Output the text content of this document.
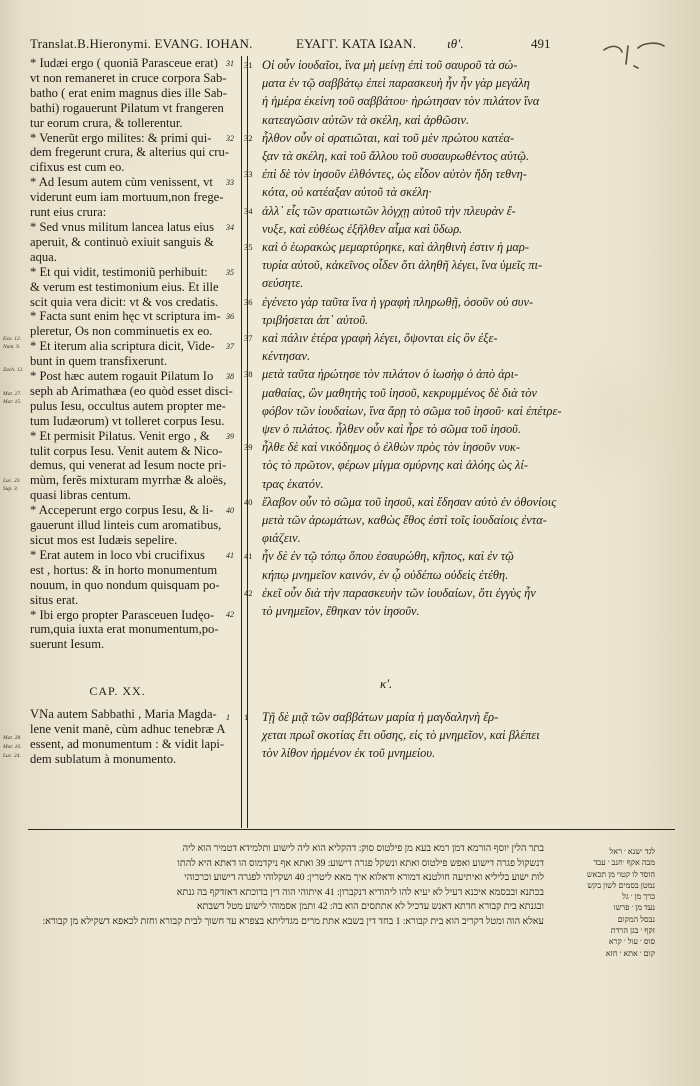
Translat.B.Hieronymi. EVANG. IOHAN.	ΕΥΑΓΓ. ΚΑΤΑ ΙΩΑΝ. ιθ'.	491
* Iudæi ergo ( quoniã Parasceue erat)
vt non remaneret in cruce corpora Sab-
batho ( erat enim magnus dies ille Sab-
bathi) rogauerunt Pilatum vt frangeren
tur eorum crura, & tollerentur.
* Venerũt ergo milites: & primi qui-
dem fregerunt crura, & alterius qui cru-
cifixus est cum eo.
* Ad Iesum autem cùm venissent, vt
viderunt eum iam mortuum,non frege-
runt eius crura:
* Sed vnus militum lancea latus eius
aperuit, & continuò exiuit sanguis &
aqua.
* Et qui vidit, testimoniũ perhibuit:
& verum est testimonium eius. Et ille
scit quia vera dicit: vt & vos credatis.
* Facta sunt enim hęc vt scriptura im-
pleretur, Os non comminuetis ex eo.
* Et iterum alia scriptura dicit, Vide-
bunt in quem transfixerunt.
* Post hæc autem rogauit Pilatum Io
seph ab Arimathæa (eo quòd esset disci-
pulus Iesu, occultus autem propter me-
tum Iudæorum) vt tolleret corpus Iesu.
* Et permisit Pilatus. Venit ergo , &
tulit corpus Iesu. Venit autem & Nico-
demus, qui venerat ad Iesum nocte pri-
mùm, ferẽs mixturam myrrhæ & aloës,
quasi libras centum.
* Acceperunt ergo corpus Iesu, & li-
gauerunt illud linteis cum aromatibus,
sicut mos est Iudæis sepelire.
* Erat autem in loco vbi crucifixus
est , hortus: & in horto monumentum
nouum, in quo nondum quisquam po-
situs erat.
* Ibi ergo propter Parasceuen Iudęo-
rum,quia iuxta erat monumentum,po-
suerunt Iesum.
31
32
33
34
35
36
37
38
39
40
41
42
Exo. 12.
Num. 9.
Zach. 12.
Mat. 27.
Mar. 15.
Luc. 23.
Sup. 3.
CAP. XX.
VNa autem Sabbathi , Maria Magda-
lene venit manè, cùm adhuc tenebræ A
essent, ad monumentum : & vidit lapi-
dem sublatum à monumento.
1
Mat. 28.
Mar. 16.
Luc. 24.
31 Οἱ οὖν ἰουδαῖοι, ἵνα μὴ μείνῃ ἐπὶ τοῦ σαυροῦ τὰ σώ-
ματα ἐν τῷ σαββάτῳ ἐπεὶ παρασκευὴ ἦν ἦν γὰρ μεγάλη
ἡ ἡμέρα ἐκείνη τοῦ σαββάτου· ἠρώτησαν τὸν πιλάτον ἵνα
κατεαγῶσιν αὐτῶν τὰ σκέλη, καὶ ἀρθῶσιν.
32 ἦλθον οὖν οἱ σρατιῶται, καὶ τοῦ μὲν πρώτου κατέα-
ξαν τὰ σκέλη, καὶ τοῦ ἄλλου τοῦ συσαυρωθέντος αὐτῷ.
33 ἐπὶ δὲ τὸν ἰησοῦν ἐλθόντες, ὡς εἶδον αὐτὸν ἤδη τεθνη-
κότα, οὐ κατέαξαν αὐτοῦ τὰ σκέλη·
34 ἀλλ᾽ εἷς τῶν σρατιωτῶν λόγχῃ αὐτοῦ τὴν πλευρὰν ἔ-
νυξε, καὶ εὐθέως ἐξῆλθεν αἷμα καὶ ὕδωρ.
35 καὶ ὁ ἑωρακὼς μεμαρτύρηκε, καὶ ἀληθινὴ ἐστιν ἡ μαρ-
τυρία αὐτοῦ, κἀκεῖνος οἶδεν ὅτι ἀληθῆ λέγει, ἵνα ὑμεῖς πι-
σεύσητε.
36 ἐγένετο γὰρ ταῦτα ἵνα ἡ γραφὴ πληρωθῇ, ὀσοῦν οὐ συν-
τριβήσεται ἀπ᾽ αὐτοῦ.
37 καὶ πάλιν ἑτέρα γραφὴ λέγει, ὄψονται εἰς ὃν ἐξε-
κέντησαν.
38 μετὰ ταῦτα ἠρώτησε τὸν πιλάτον ὁ ἰωσὴφ ὁ ἀπὸ ἀρι-
μαθαίας, ὢν μαθητὴς τοῦ ἰησοῦ, κεκρυμμένος δὲ διὰ τὸν
φόβον τῶν ἰουδαίων, ἵνα ἄρῃ τὸ σῶμα τοῦ ἰησοῦ· καὶ ἐπέτρε-
ψεν ὁ πιλάτος. ἦλθεν οὖν καὶ ἦρε τὸ σῶμα τοῦ ἰησοῦ.
39 ἦλθε δὲ καὶ νικόδημος ὁ ἐλθὼν πρὸς τὸν ἰησοῦν νυκ-
τὸς τὸ πρῶτον, φέρων μίγμα σμύρνης καὶ ἀλόης ὡς λί-
τρας ἑκατόν.
40 ἔλαβον οὖν τὸ σῶμα τοῦ ἰησοῦ, καὶ ἔδησαν αὐτὸ ἐν ὀθονίοις
μετὰ τῶν ἀρωμάτων, καθὼς ἔθος ἐστὶ τοῖς ἰουδαίοις ἐντα-
φιάζειν.
41 ἦν δὲ ἐν τῷ τόπῳ ὅπου ἐσαυρώθη, κῆπος, καὶ ἐν τῷ
κήπῳ μνημεῖον καινόν, ἐν ᾧ οὐδέπω οὐδεὶς ἐτέθη.
42 ἐκεῖ οὖν διὰ τὴν παρασκευὴν τῶν ἰουδαίων, ὅτι ἐγγὺς ἦν
τὸ μνημεῖον, ἔθηκαν τὸν ἰησοῦν.
κ'.
1 Τῇ δὲ μιᾷ τῶν σαββάτων μαρία ἡ μαγδαληνὴ ἔρ-
χεται πρωῒ σκοτίας ἔτι οὔσης, εἰς τὸ μνημεῖον, καὶ βλέπει
τὸν λίθον ἠρμένον ἐκ τοῦ μνημείου.
בתר הלין יוסף הורמא דמן רמא בעא מן פילטוס סוק ׃ דהקליא הוא ליה לישוע ותלמידא דטמיר הוא ליה
דנשקול פגרה דישוע ואפש פילטוס ואתא ונשקל פגרה דישוע ׃ 39 ואתא אף ניקדמוס הו דאתא היא להתו
לות ישוע בליליא ואיתיעה חולטנא דמורא ודאלוא איך מאא ליטרין ׃ 40 ושקלוהי לפגרה דישוע וכרכוהי
בכתנא ובבסמא איכנא דעיל לא יעיא להו ליהודיא דנקברון ׃ 41 איתוהי הוה דין בדוכתא דאזדקף בה גנתא
ובגנתא בית קבורא חדתא דאנש עדכיל לא אתתסים הוא בה ׃ 42 ותמן אסמוהי לישוע מטל דשבתא
עאלא הוה ומטל דקריב הוא בית קבורא ׃ 1 בחד דין בשבא אתת מרים מגדליתא בצפרא עד חשוך לבית קבורא וחזת לכאפא דשקילא מן קבורא ׃
לגד ׳שנא ׳ ראל
מבה אקף ׳חנב ׳ עבד
הוסד לו קטוי מן תכאש
נמטן בסמים לשון בקש
כרך מן ׳ גל
נעד מן ׳ פרשו
נבסל המקום
זקף ׳ בגן הרדת
סוס ׳ עול ׳ קרא
קום ׳ אתא ׳ חזא
